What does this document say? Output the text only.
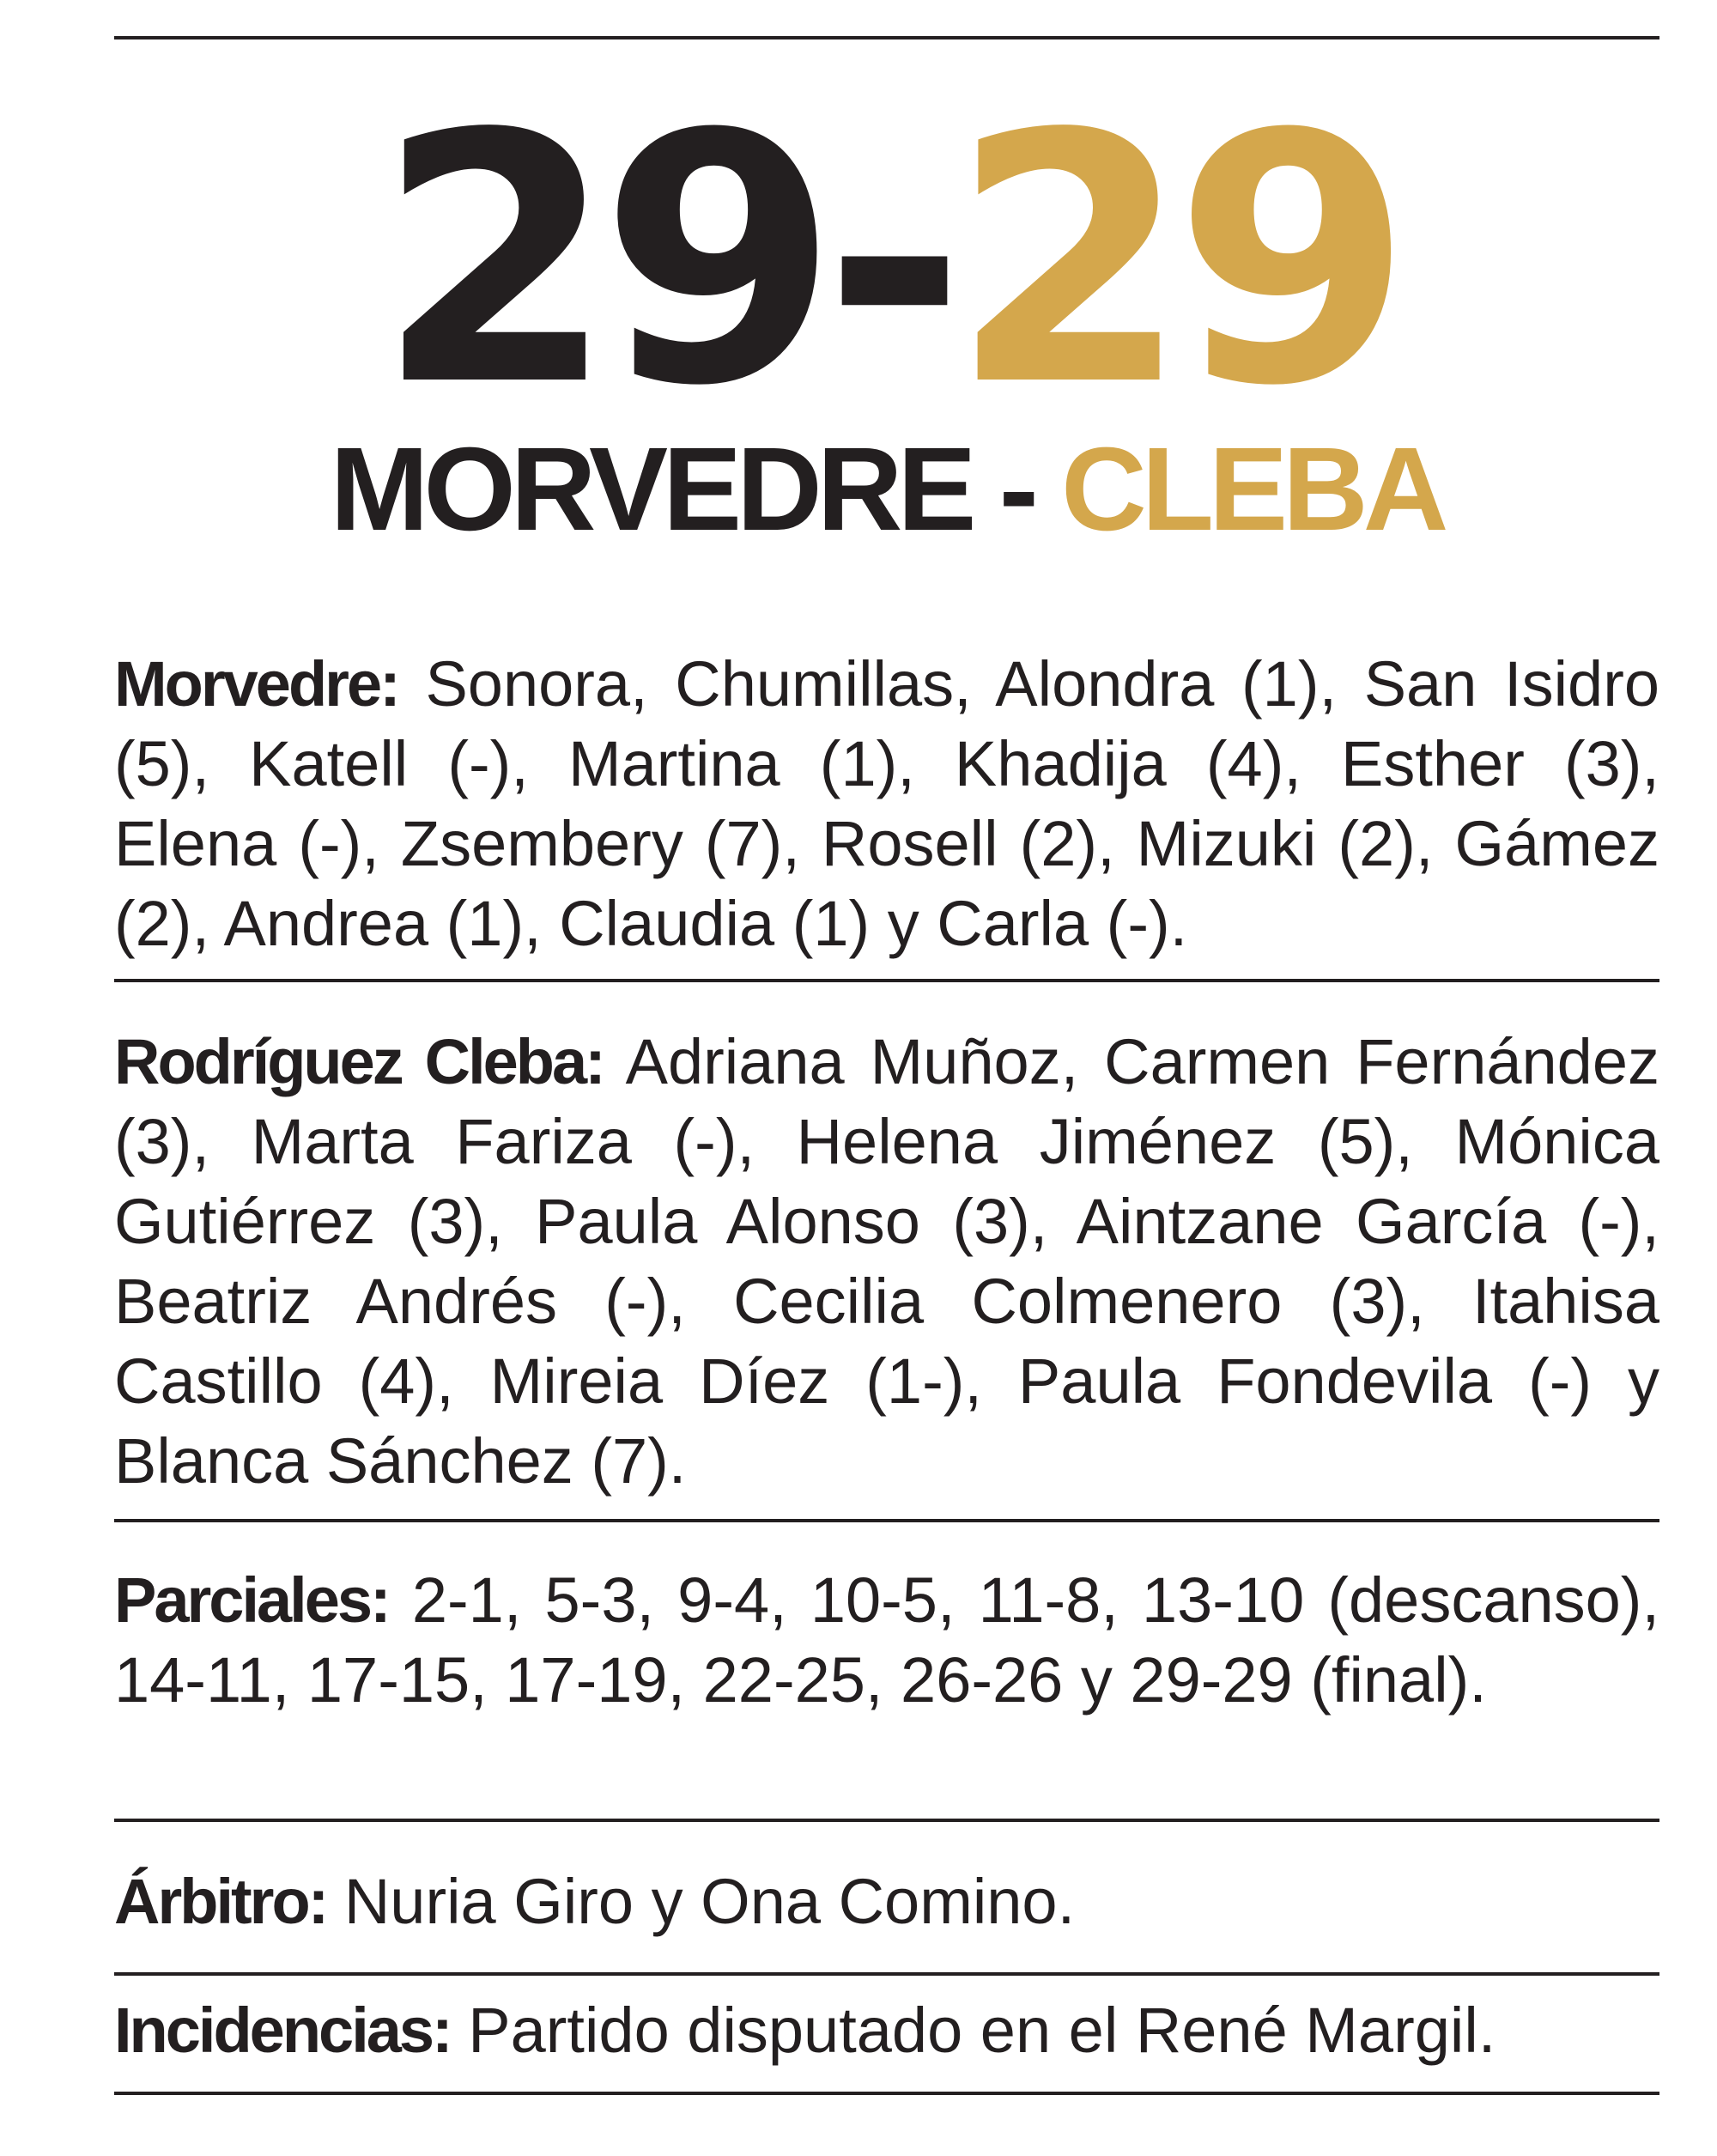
29-29
MORVEDRE - CLEBA
Morvedre: Sonora, Chumillas, Alondra (1), San Isidro (5), Katell (-), Martina (1), Khadija (4), Esther (3), Elena (-), Zsembery (7), Rosell (2), Mizuki (2), Gámez (2), Andrea (1), Claudia (1) y Carla (-).
Rodríguez Cleba: Adriana Muñoz, Carmen Fernández (3), Marta Fariza (-), Helena Jiménez (5), Mónica Gutiérrez (3), Paula Alonso (3), Aintzane García (-), Beatriz Andrés (-), Cecilia Colmenero (3), Itahisa Castillo (4), Mireia Díez (1-), Paula Fondevila (-) y Blanca Sánchez (7).
Parciales: 2-1, 5-3, 9-4, 10-5, 11-8, 13-10 (descanso), 14-11, 17-15, 17-19, 22-25, 26-26 y 29-29 (final).
Árbitro: Nuria Giro y Ona Comino.
Incidencias: Partido disputado en el René Margil.
